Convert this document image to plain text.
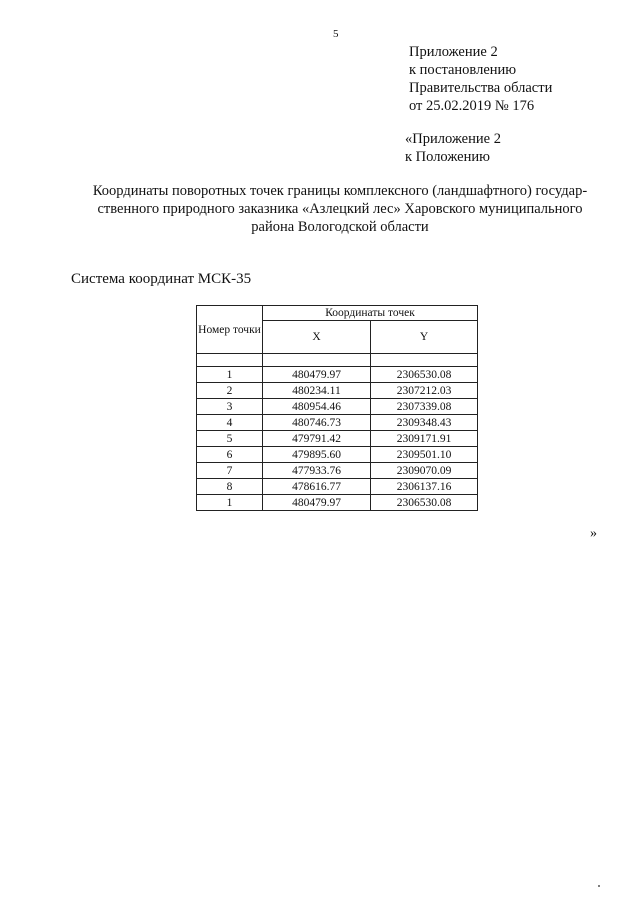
5
Приложение 2
к постановлению
Правительства области
от 25.02.2019 № 176
«Приложение 2
к Положению
Координаты поворотных точек границы комплексного (ландшафтного) государ-
ственного природного заказника «Азлецкий лес» Харовского муниципального
района Вологодской области
Система координат МСК-35
Номер точки	Координаты точек	
	X	Y

1	480479.97	2306530.08
2	480234.11	2307212.03
3	480954.46	2307339.08
4	480746.73	2309348.43
5	479791.42	2309171.91
6	479895.60	2309501.10
7	477933.76	2309070.09
8	478616.77	2306137.16
1	480479.97	2306530.08
»
